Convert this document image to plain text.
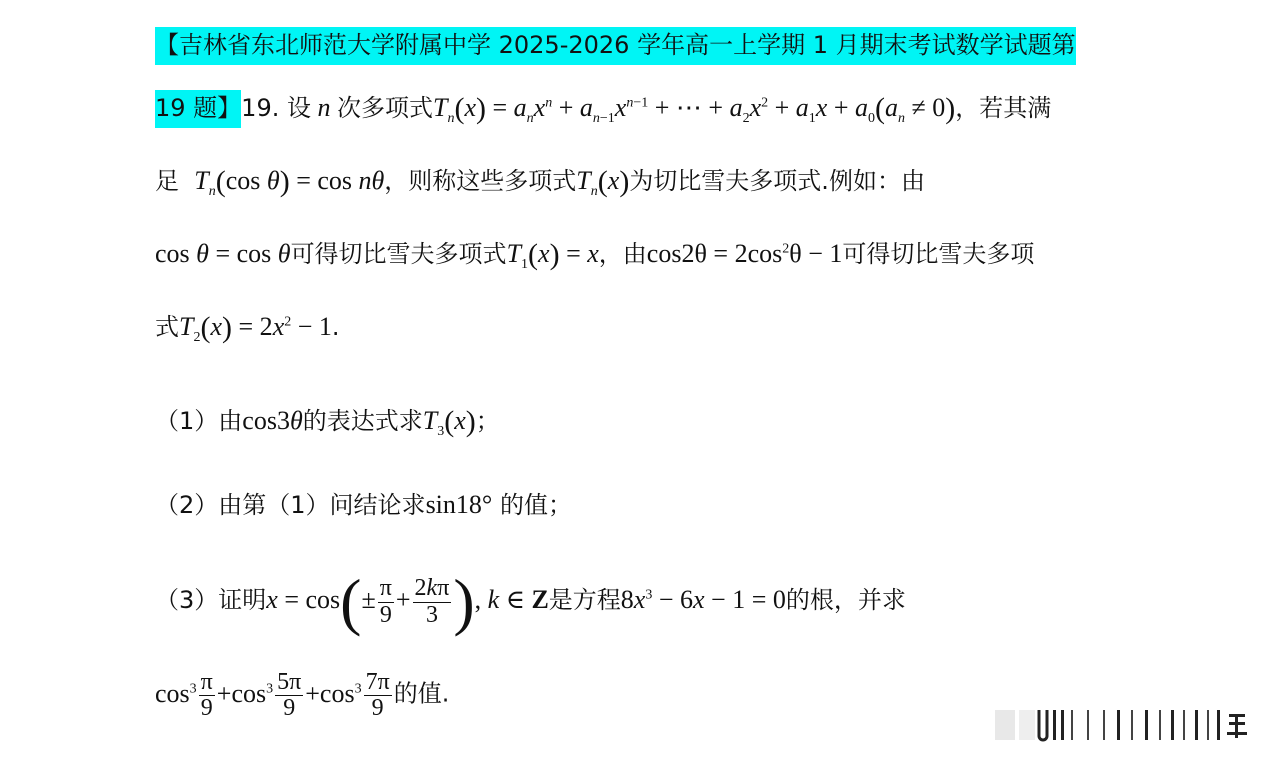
【吉林省东北师范大学附属中学 2025-2026 学年高一上学期 1 月期末考试数学试题第
19 题】19. 设 n 次多项式$T_n(x) = a_nx^n + a_{n-1}x^{n-1}$ + ⋯ + $a_2x^2 + a_1x + a_0(a_n \ne 0)$，若其满
足 $T_n(\cos$ θ) = cos nθ，则称这些多项式$T_n(x)$为切比雪夫多项式.例如：由
cos θ = cos θ可得切比雪夫多项式$T_1(x) = x$，由$\cos 2\theta = 2\cos^2\theta - 1$可得切比雪夫多项
式$T_2(x) = 2x^2 - 1$.
（1）由cos3θ的表达式求$T_3(x)$；
（2）由第（1）问结论求sin18° 的值；
（3）证明$x = \cos(\pm \frac{\pi}{9} + \frac{2k\pi}{3}$ ), k ∈ Z是方程$8x^3 - 6x - 1 = 0$的根，并求
$\cos^3 \frac{\pi}{9} +\cos^3 \frac{5\pi}{9} +\cos^3 \frac{7\pi}{9}$ 的值.
